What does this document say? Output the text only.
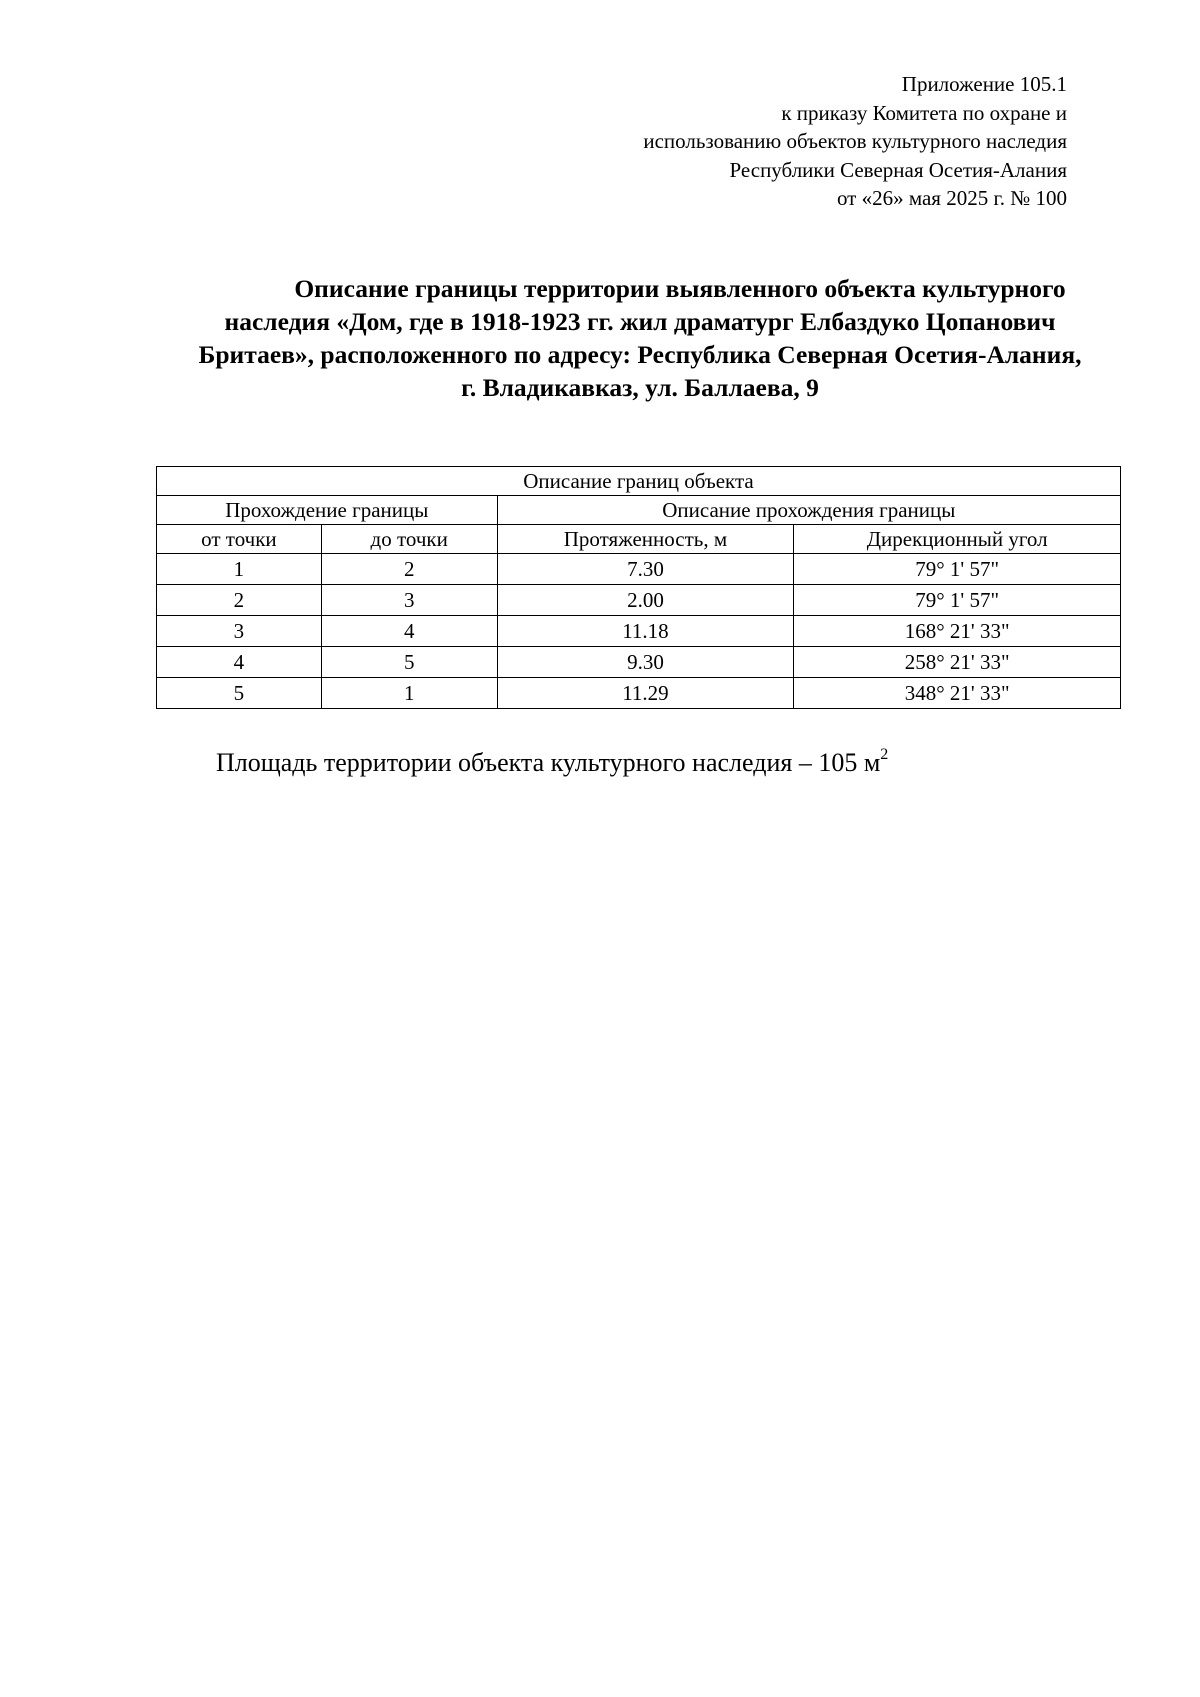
Приложение 105.1
к приказу Комитета по охране и
использованию объектов культурного наследия
Республики Северная Осетия-Алания
от «26» мая 2025 г. № 100
Описание границы территории выявленного объекта культурного
наследия «Дом, где в 1918-1923 гг. жил драматург Елбаздуко Цопанович
Бритаев», расположенного по адресу: Республика Северная Осетия-Алания,
г. Владикавказ, ул. Баллаева, 9
Описание границ объекта			
Прохождение границы		Описание прохождения границы	
от точки	до точки	Протяженность, м	Дирекционный угол
1	2	7.30	79° 1' 57"
2	3	2.00	79° 1' 57"
3	4	11.18	168° 21' 33"
4	5	9.30	258° 21' 33"
5	1	11.29	348° 21' 33"
Площадь территории объекта культурного наследия – 105 $м^2$
